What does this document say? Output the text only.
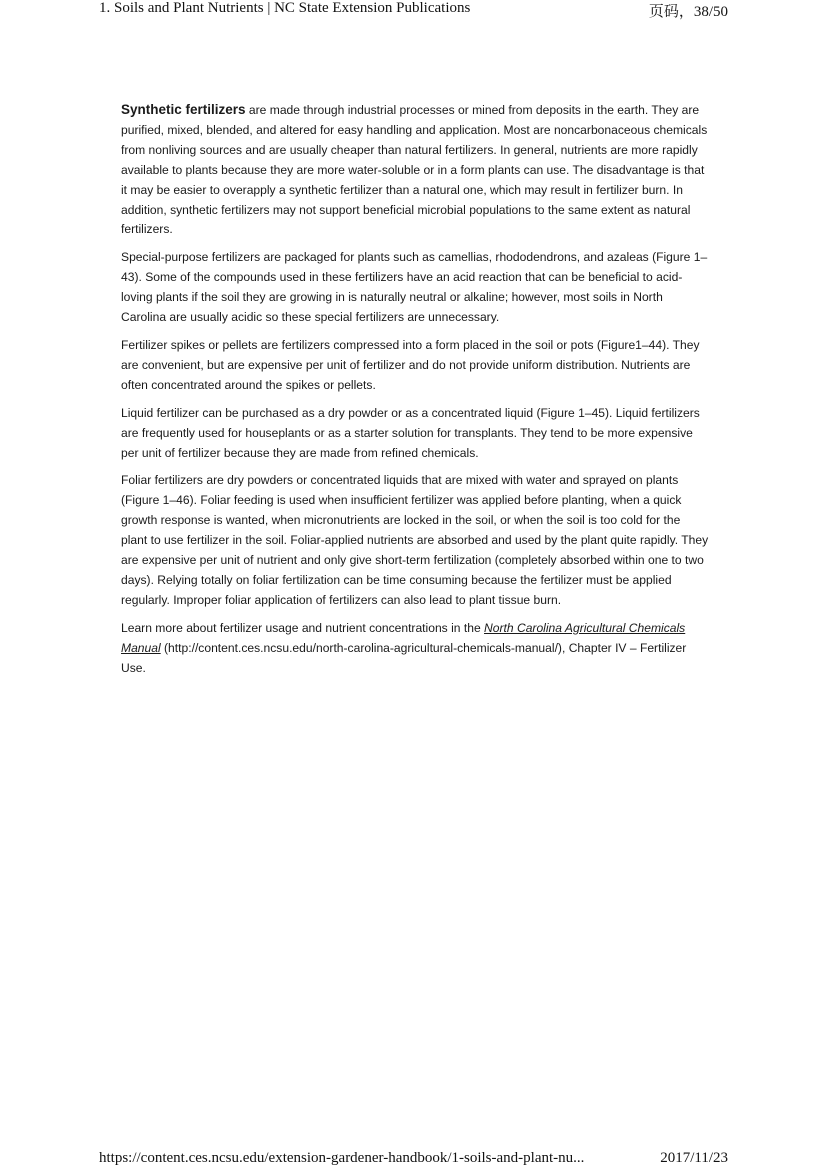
1. Soils and Plant Nutrients | NC State Extension Publications	页码，38/50

Synthetic fertilizers are made through industrial processes or mined from deposits in the earth. They are purified, mixed, blended, and altered for easy handling and application. Most are noncarbonaceous chemicals from nonliving sources and are usually cheaper than natural fertilizers. In general, nutrients are more rapidly available to plants because they are more water-soluble or in a form plants can use. The disadvantage is that it may be easier to overapply a synthetic fertilizer than a natural one, which may result in fertilizer burn. In addition, synthetic fertilizers may not support beneficial microbial populations to the same extent as natural fertilizers.

Special-purpose fertilizers are packaged for plants such as camellias, rhododendrons, and azaleas (Figure 1–43). Some of the compounds used in these fertilizers have an acid reaction that can be beneficial to acid-loving plants if the soil they are growing in is naturally neutral or alkaline; however, most soils in North Carolina are usually acidic so these special fertilizers are unnecessary.

Fertilizer spikes or pellets are fertilizers compressed into a form placed in the soil or pots (Figure1–44). They are convenient, but are expensive per unit of fertilizer and do not provide uniform distribution. Nutrients are often concentrated around the spikes or pellets.

Liquid fertilizer can be purchased as a dry powder or as a concentrated liquid (Figure 1–45). Liquid fertilizers are frequently used for houseplants or as a starter solution for transplants. They tend to be more expensive per unit of fertilizer because they are made from refined chemicals.

Foliar fertilizers are dry powders or concentrated liquids that are mixed with water and sprayed on plants (Figure 1–46). Foliar feeding is used when insufficient fertilizer was applied before planting, when a quick growth response is wanted, when micronutrients are locked in the soil, or when the soil is too cold for the plant to use fertilizer in the soil. Foliar-applied nutrients are absorbed and used by the plant quite rapidly. They are expensive per unit of nutrient and only give short-term fertilization (completely absorbed within one to two days). Relying totally on foliar fertilization can be time consuming because the fertilizer must be applied regularly. Improper foliar application of fertilizers can also lead to plant tissue burn.

Learn more about fertilizer usage and nutrient concentrations in the North Carolina Agricultural Chemicals Manual (http://content.ces.ncsu.edu/north-carolina-agricultural-chemicals-manual/), Chapter IV – Fertilizer Use.

https://content.ces.ncsu.edu/extension-gardener-handbook/1-soils-and-plant-nu...	2017/11/23
